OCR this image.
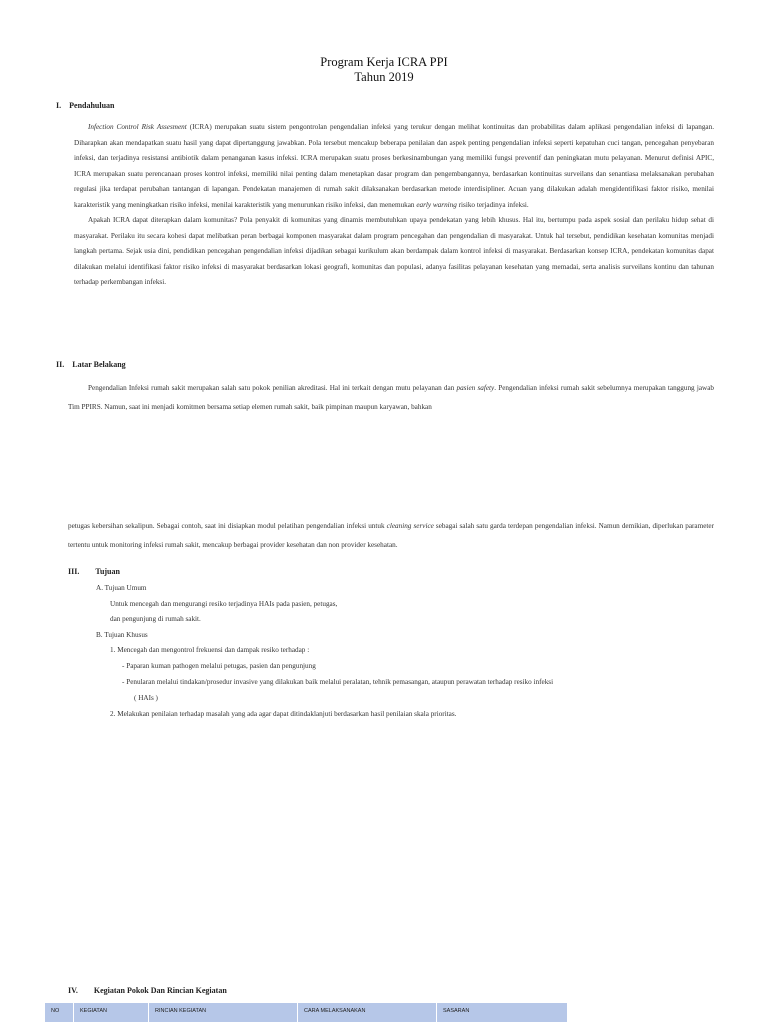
Program Kerja ICRA PPI
Tahun 2019
I. Pendahuluan

Infection Control Risk Assesment (ICRA) merupakan suatu sistem pengontrolan pengendalian infeksi yang terukur dengan melihat kontinuitas dan probabilitas dalam aplikasi pengendalian infeksi di lapangan. Diharapkan akan mendapatkan suatu hasil yang dapat dipertanggung jawabkan. Pola tersebut mencakup beberapa penilaian dan aspek penting pengendalian infeksi seperti kepatuhan cuci tangan, pencegahan penyebaran infeksi, dan terjadinya resistansi antibiotik dalam penanganan kasus infeksi. ICRA merupakan suatu proses berkesinambungan yang memiliki fungsi preventif dan peningkatan mutu pelayanan. Menurut definisi APIC, ICRA merupakan suatu perencanaan proses kontrol infeksi, memiliki nilai penting dalam menetapkan dasar program dan pengembangannya, berdasarkan kontinuitas surveilans dan senantiasa melaksanakan perubahan regulasi jika terdapat perubahan tantangan di lapangan. Pendekatan manajemen di rumah sakit dilaksanakan berdasarkan metode interdisipliner. Acuan yang dilakukan adalah mengidentifikasi faktor risiko, menilai karakteristik yang meningkatkan risiko infeksi, menilai karakteristik yang menurunkan risiko infeksi, dan menemukan early warning risiko terjadinya infeksi.

Apakah ICRA dapat diterapkan dalam komunitas? Pola penyakit di komunitas yang dinamis membutuhkan upaya pendekatan yang lebih khusus. Hal itu, bertumpu pada aspek sosial dan perilaku hidup sehat di masyarakat. Perilaku itu secara kohesi dapat melibatkan peran berbagai komponen masyarakat dalam program pencegahan dan pengendalian di masyarakat. Untuk hal tersebut, pendidikan kesehatan komunitas menjadi langkah pertama. Sejak usia dini, pendidikan pencegahan pengendalian infeksi dijadikan sebagai kurikulum akan berdampak dalam kontrol infeksi di masyarakat. Berdasarkan konsep ICRA, pendekatan komunitas dapat dilakukan melalui identifikasi faktor risiko infeksi di masyarakat berdasarkan lokasi geografi, komunitas dan populasi, adanya fasilitas pelayanan kesehatan yang memadai, serta analisis surveilans kontinu dan tahunan terhadap perkembangan infeksi.

II. Latar Belakang

Pengendalian Infeksi rumah sakit merupakan salah satu pokok penilian akreditasi. Hal ini terkait dengan mutu pelayanan dan pasien safety. Pengendalian infeksi rumah sakit sebelumnya merupakan tanggung jawab Tim PPIRS. Namun, saat ini menjadi komitmen bersama setiap elemen rumah sakit, baik pimpinan maupun karyawan, bahkan

petugas kebersihan sekalipun. Sebagai contoh, saat ini disiapkan modul pelatihan pengendalian infeksi untuk cleaning service sebagai salah satu garda terdepan pengendalian infeksi. Namun demikian, diperlukan parameter tertentu untuk monitoring infeksi rumah sakit, mencakup berbagai provider kesehatan dan non provider kesehatan.

III. Tujuan
A. Tujuan Umum
Untuk mencegah dan mengurangi resiko terjadinya HAIs pada pasien, petugas,
dan pengunjung di rumah sakit.
B. Tujuan Khusus
1. Mencegah dan mengontrol frekuensi dan dampak resiko terhadap :
- Paparan kuman pathogen melalui petugas, pasien dan pengunjung
- Penularan melalui tindakan/prosedur invasive yang dilakukan baik melalui peralatan, tehnik pemasangan, ataupun perawatan terhadap resiko infeksi
( HAIs )
2. Melakukan penilaian terhadap masalah yang ada agar dapat ditindaklanjuti berdasarkan hasil penilaian skala prioritas.
IV. Kegiatan Pokok Dan Rincian Kegiatan
NO	KEGIATAN	RINCIAN KEGIATAN	CARA MELAKSANAKAN	SASARAN
